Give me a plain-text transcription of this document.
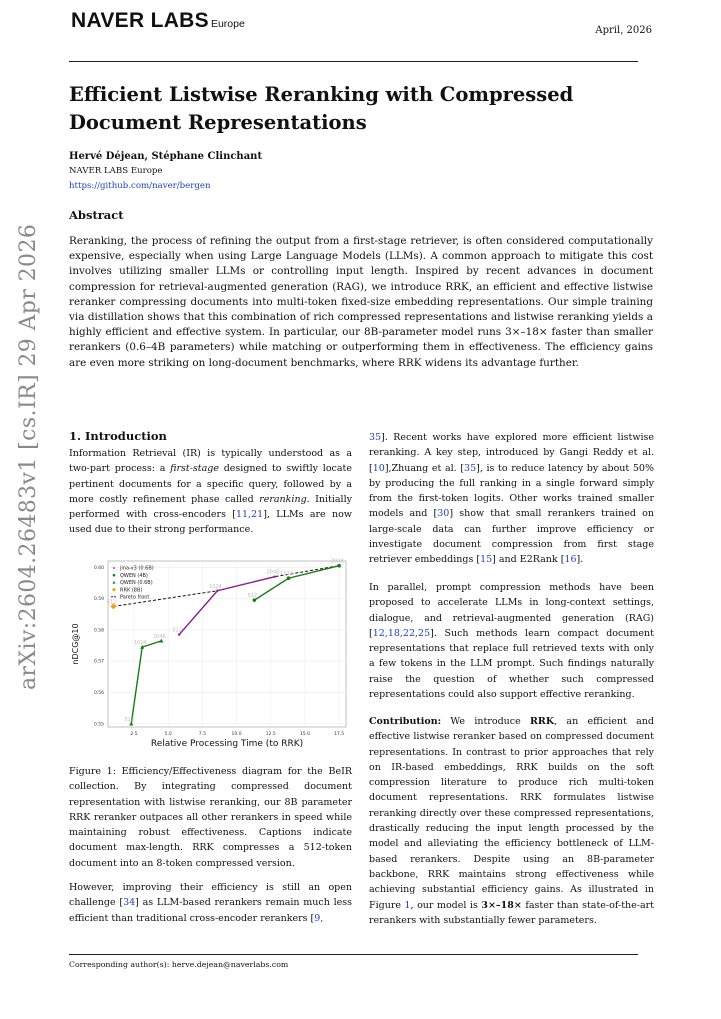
NAVER LABS Europe
April, 2026
arXiv:2604.26483v1 [cs.IR] 29 Apr 2026
Efficient Listwise Reranking with Compressed Document Representations
Hervé Déjean, Stéphane Clinchant
NAVER LABS Europe
https://github.com/naver/bergen
Abstract
Reranking, the process of refining the output from a first-stage retriever, is often considered computationally expensive, especially when using Large Language Models (LLMs). A common approach to mitigate this cost involves utilizing smaller LLMs or controlling input length. Inspired by recent advances in document compression for retrieval-augmented generation (RAG), we introduce RRK, an efficient and effective listwise reranker compressing documents into multi-token fixed-size embedding representations. Our simple training via distillation shows that this combination of rich compressed representations and listwise reranking yields a highly efficient and effective system. In particular, our 8B-parameter model runs 3×–18× faster than smaller rerankers (0.6–4B parameters) while matching or outperforming them in effectiveness. The efficiency gains are even more striking on long-document benchmarks, where RRK widens its advantage further.
1. Introduction

Information Retrieval (IR) is typically understood as a two-part process: a first-stage designed to swiftly locate pertinent documents for a specific query, followed by a more costly refinement phase called reranking. Initially performed with cross-encoders [11,21], LLMs are now used due to their strong performance.

2.5	5.0	7.5	10.0	12.5	15.0	17.5
0.55
0.56
0.57
0.58
0.59
0.60
512
1024
2048
512
1024
2048
512
1024
2048
512
jina-v3 (0.6B)
QWEN (4B)
QWEN (0.6B)
RRK (8B)
Pareto front
Relative Processing Time (to RRK)
nDCG@10
Figure 1: Efficiency/Effectiveness diagram for the BeIR collection. By integrating compressed document representation with listwise reranking, our 8B parameter RRK reranker outpaces all other rerankers in speed while maintaining robust effectiveness. Captions indicate document max-length. RRK compresses a 512-token document into an 8-token compressed version.

However, improving their efficiency is still an open challenge [34] as LLM-based rerankers remain much less efficient than traditional cross-encoder rerankers [9,

35]. Recent works have explored more efficient listwise reranking. A key step, introduced by Gangi Reddy et al. [10],Zhuang et al. [35], is to reduce latency by about 50% by producing the full ranking in a single forward simply from the first-token logits. Other works trained smaller models and [30] show that small rerankers trained on large-scale data can further improve efficiency or investigate document compression from first stage retriever embeddings [15] and E2Rank [16].

In parallel, prompt compression methods have been proposed to accelerate LLMs in long-context settings, dialogue, and retrieval-augmented generation (RAG) [12,18,22,25]. Such methods learn compact document representations that replace full retrieved texts with only a few tokens in the LLM prompt. Such findings naturally raise the question of whether such compressed representations could also support effective reranking.

Contribution: We introduce RRK, an efficient and effective listwise reranker based on compressed document representations. In contrast to prior approaches that rely on IR-based embeddings, RRK builds on the soft compression literature to produce rich multi-token document representations. RRK formulates listwise reranking directly over these compressed representations, drastically reducing the input length processed by the model and alleviating the efficiency bottleneck of LLM-based rerankers. Despite using an 8B-parameter backbone, RRK maintains strong effectiveness while achieving substantial efficiency gains. As illustrated in Figure 1, our model is 3×–18× faster than state-of-the-art rerankers with substantially fewer parameters.

Corresponding author(s): herve.dejean@naverlabs.com
